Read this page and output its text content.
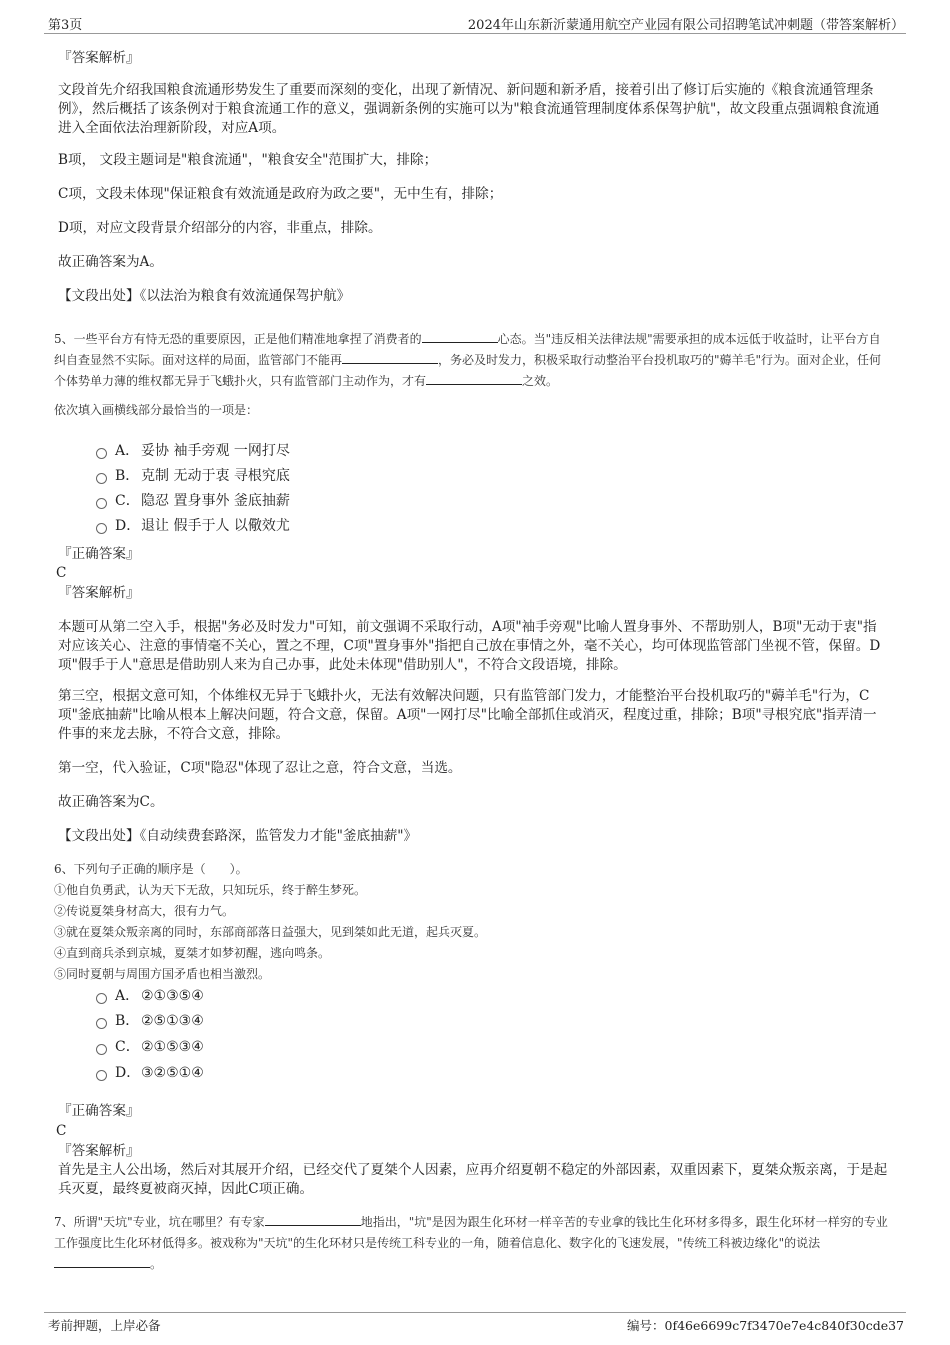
第3页	2024年山东新沂蒙通用航空产业园有限公司招聘笔试冲刺题（带答案解析）

『答案解析』

文段首先介绍我国粮食流通形势发生了重要而深刻的变化，出现了新情况、新问题和新矛盾，接着引出了修订后实施的《粮食流通管理条例》，然后概括了该条例对于粮食流通工作的意义，强调新条例的实施可以为"粮食流通管理制度体系保驾护航"，故文段重点强调粮食流通进入全面依法治理新阶段，对应A项。

B项， 文段主题词是"粮食流通"，"粮食安全"范围扩大，排除；

C项，文段未体现"保证粮食有效流通是政府为政之要"，无中生有，排除；

D项，对应文段背景介绍部分的内容，非重点，排除。

故正确答案为A。

【文段出处】《以法治为粮食有效流通保驾护航》

5、一些平台方有恃无恐的重要原因，正是他们精准地拿捏了消费者的	心态。当"违反相关法律法规"需要承担的成本远低于收益时，让平台方自纠自查显然不实际。面对这样的局面，监管部门不能再	，务必及时发力，积极采取行动整治平台投机取巧的"薅羊毛"行为。面对企业，任何个体势单力薄的维权都无异于飞蛾扑火，只有监管部门主动作为，才有	之效。

依次填入画横线部分最恰当的一项是：

A． 妥协 袖手旁观 一网打尽
B． 克制 无动于衷 寻根究底
C．隐忍 置身事外 釜底抽薪
D．退让 假手于人 以儆效尤

『正确答案』

C

『答案解析』

本题可从第二空入手，根据"务必及时发力"可知，前文强调不采取行动，A项"袖手旁观"比喻人置身事外、不帮助别人，B项"无动于衷"指对应该关心、注意的事情毫不关心，置之不理，C项"置身事外"指把自己放在事情之外，毫不关心，均可体现监管部门坐视不管，保留。D项"假手于人"意思是借助别人来为自己办事，此处未体现"借助别人"，不符合文段语境，排除。

第三空，根据文意可知，个体维权无异于飞蛾扑火，无法有效解决问题，只有监管部门发力，才能整治平台投机取巧的"薅羊毛"行为，C项"釜底抽薪"比喻从根本上解决问题，符合文意，保留。A项"一网打尽"比喻全部抓住或消灭，程度过重，排除；B项"寻根究底"指弄清一件事的来龙去脉，不符合文意，排除。

第一空，代入验证，C项"隐忍"体现了忍让之意，符合文意，当选。

故正确答案为C。

【文段出处】《自动续费套路深，监管发力才能"釜底抽薪"》

6、下列句子正确的顺序是（　　）。

①他自负勇武，认为天下无敌，只知玩乐，终于醉生梦死。

②传说夏桀身材高大，很有力气。

③就在夏桀众叛亲离的同时，东部商部落日益强大，见到桀如此无道，起兵灭夏。

④直到商兵杀到京城，夏桀才如梦初醒，逃向鸣条。

⑤同时夏朝与周围方国矛盾也相当激烈。

A． ②①③⑤④
B． ②⑤①③④
C．②①⑤③④
D．③②⑤①④

『正确答案』

C

『答案解析』

首先是主人公出场，然后对其展开介绍，已经交代了夏桀个人因素，应再介绍夏朝不稳定的外部因素，双重因素下，夏桀众叛亲离，于是起兵灭夏，最终夏被商灭掉，因此C项正确。

7、所谓"天坑"专业，坑在哪里？有专家	地指出，"坑"是因为跟生化环材一样辛苦的专业拿的钱比生化环材多得多，跟生化环材一样穷的专业工作强度比生化环材低得多。被戏称为"天坑"的生化环材只是传统工科专业的一角，随着信息化、数字化的飞速发展，"传统工科被边缘化"的说法。

考前押题，上岸必备	编号：0f46e6699c7f3470e7e4c840f30cde37
